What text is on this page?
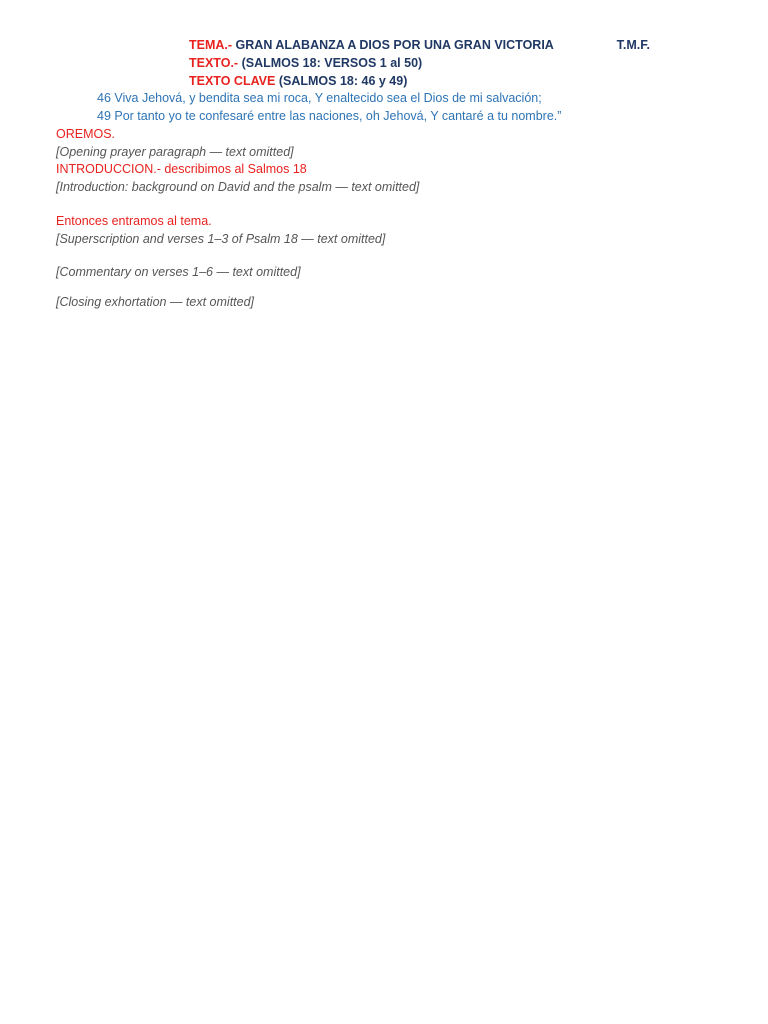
TEMA.- GRAN ALABANZA A DIOS POR UNA GRAN VICTORIA	T.M.F.
TEXTO.- (SALMOS 18: VERSOS 1 al 50)
TEXTO CLAVE (SALMOS 18: 46 y 49)
46 Viva Jehová, y bendita sea mi roca, Y enaltecido sea el Dios de mi salvación;
49 Por tanto yo te confesaré entre las naciones, oh Jehová, Y cantaré a tu nombre.”
OREMOS.

[Opening prayer paragraph — text omitted]

INTRODUCCION.- describimos al Salmos 18

[Introduction: background on David and the psalm — text omitted]

Entonces entramos al tema.

[Superscription and verses 1–3 of Psalm 18 — text omitted]

[Commentary on verses 1–6 — text omitted]

[Closing exhortation — text omitted]
